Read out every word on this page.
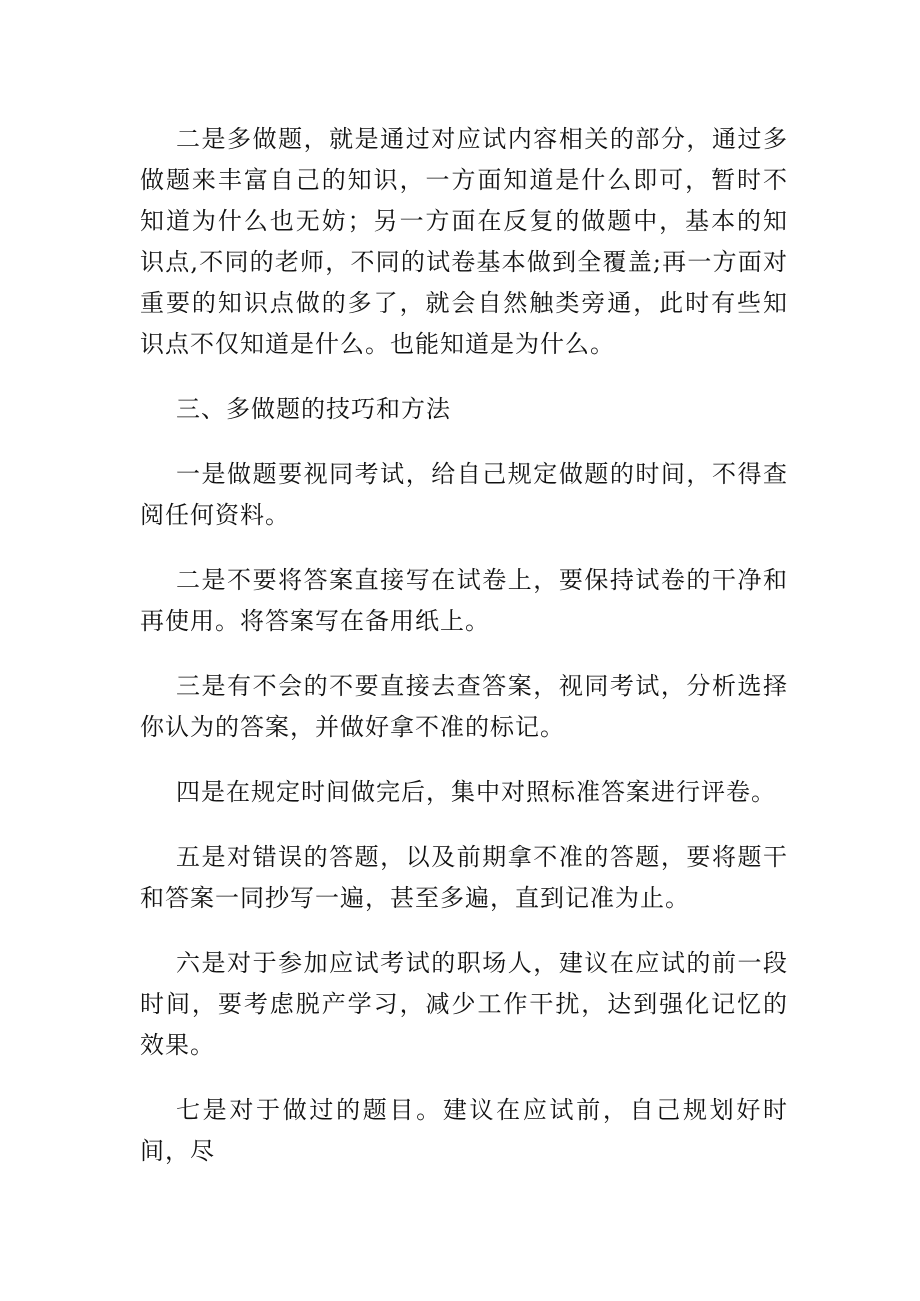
二是多做题，就是通过对应试内容相关的部分，通过多做题来丰富自己的知识，一方面知道是什么即可，暂时不知道为什么也无妨；另一方面在反复的做题中，基本的知识点,不同的老师，不同的试卷基本做到全覆盖;再一方面对重要的知识点做的多了，就会自然触类旁通，此时有些知识点不仅知道是什么。也能知道是为什么。

三、多做题的技巧和方法

一是做题要视同考试，给自己规定做题的时间，不得查阅任何资料。

二是不要将答案直接写在试卷上，要保持试卷的干净和再使用。将答案写在备用纸上。

三是有不会的不要直接去查答案，视同考试，分析选择你认为的答案，并做好拿不准的标记。

四是在规定时间做完后，集中对照标准答案进行评卷。

五是对错误的答题，以及前期拿不准的答题，要将题干和答案一同抄写一遍，甚至多遍，直到记准为止。

六是对于参加应试考试的职场人，建议在应试的前一段时间，要考虑脱产学习，减少工作干扰，达到强化记忆的效果。

七是对于做过的题目。建议在应试前，自己规划好时间，尽
